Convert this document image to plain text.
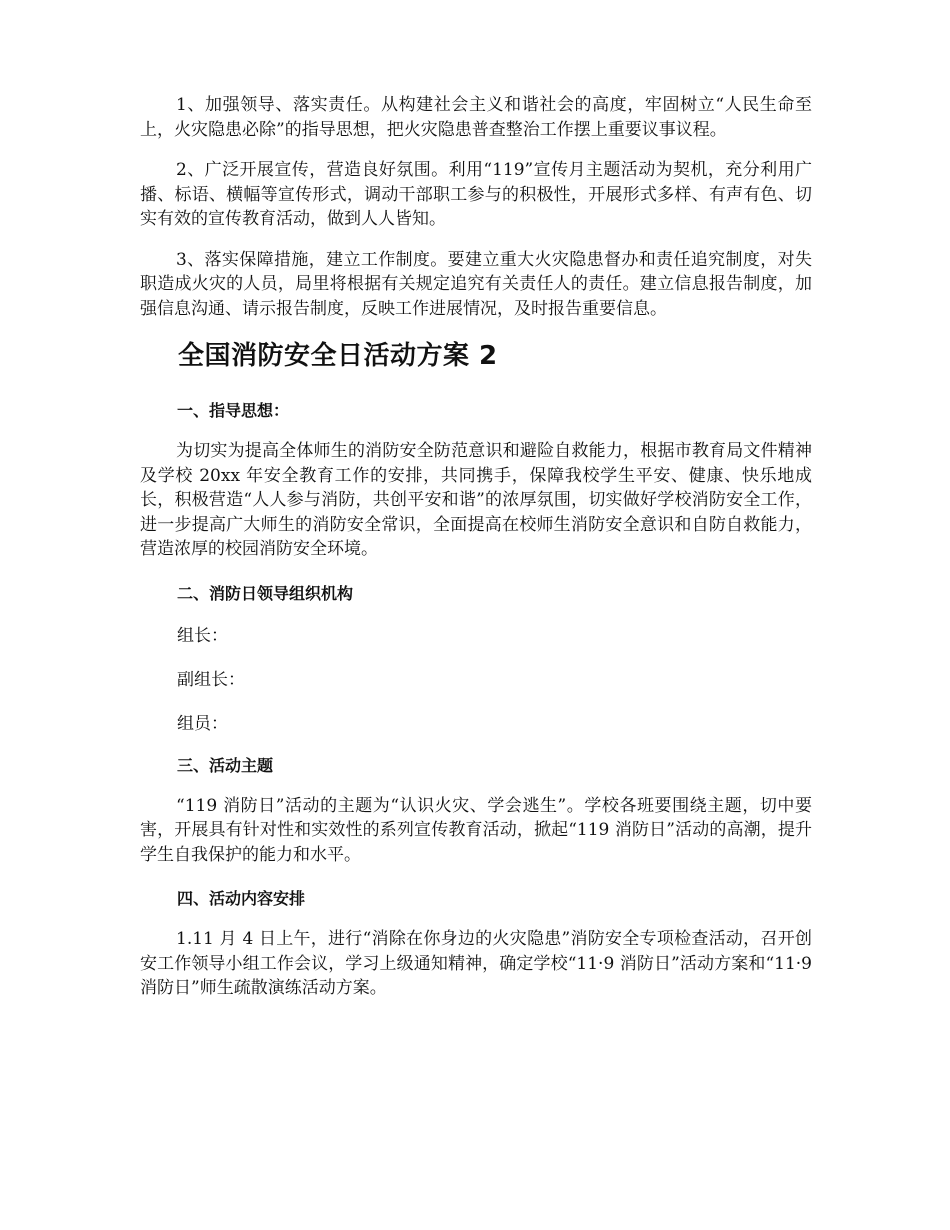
1、加强领导、落实责任。从构建社会主义和谐社会的高度，牢固树立“人民生命至上，火灾隐患必除”的指导思想，把火灾隐患普查整治工作摆上重要议事议程。

2、广泛开展宣传，营造良好氛围。利用“119”宣传月主题活动为契机，充分利用广播、标语、横幅等宣传形式，调动干部职工参与的积极性，开展形式多样、有声有色、切实有效的宣传教育活动，做到人人皆知。

3、落实保障措施，建立工作制度。要建立重大火灾隐患督办和责任追究制度，对失职造成火灾的人员，局里将根据有关规定追究有关责任人的责任。建立信息报告制度，加强信息沟通、请示报告制度，反映工作进展情况，及时报告重要信息。

全国消防安全日活动方案 2
一、指导思想：

为切实为提高全体师生的消防安全防范意识和避险自救能力，根据市教育局文件精神及学校 20xx 年安全教育工作的安排，共同携手，保障我校学生平安、健康、快乐地成长，积极营造“人人参与消防，共创平安和谐”的浓厚氛围，切实做好学校消防安全工作，进一步提高广大师生的消防安全常识，全面提高在校师生消防安全意识和自防自救能力，营造浓厚的校园消防安全环境。

二、消防日领导组织机构

组长：

副组长：

组员：

三、活动主题

“119 消防日”活动的主题为“认识火灾、学会逃生”。学校各班要围绕主题，切中要害，开展具有针对性和实效性的系列宣传教育活动，掀起“119 消防日”活动的高潮，提升学生自我保护的能力和水平。

四、活动内容安排

1.11 月 4 日上午，进行“消除在你身边的火灾隐患”消防安全专项检查活动，召开创安工作领导小组工作会议，学习上级通知精神，确定学校“11·9 消防日”活动方案和“11·9 消防日”师生疏散演练活动方案。
